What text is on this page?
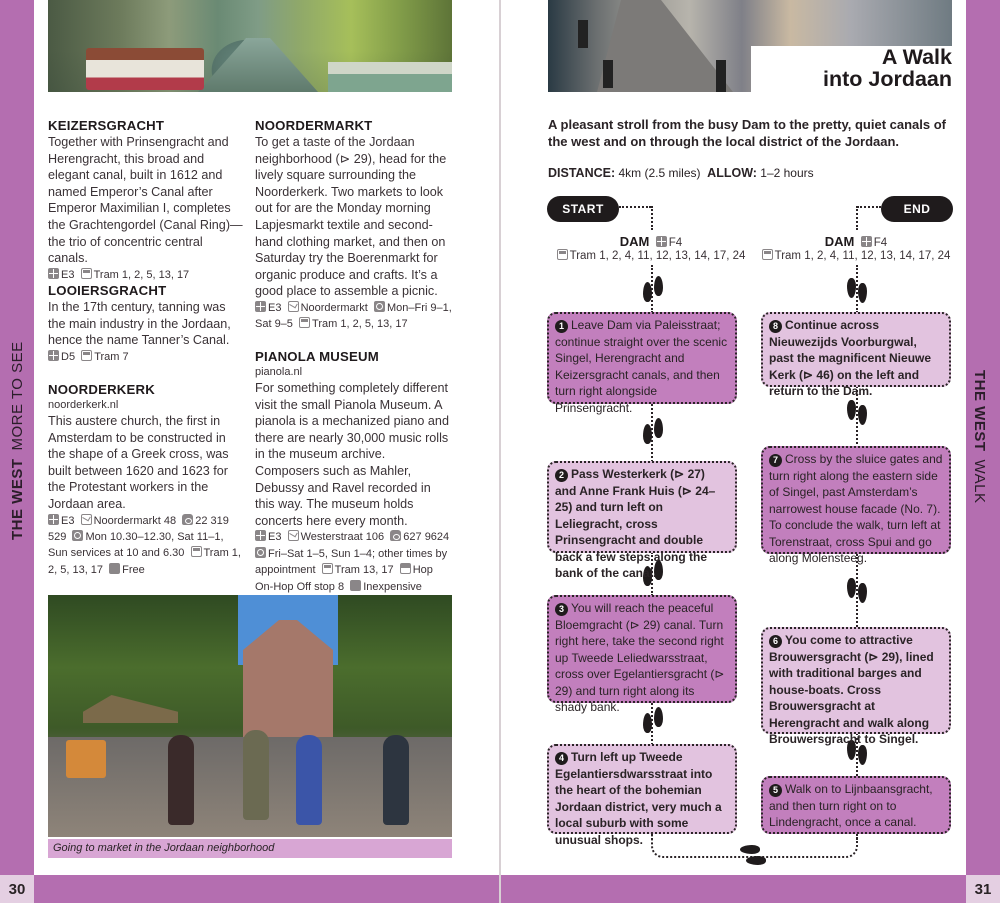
THE WESTMORE TO SEE
KEIZERSGRACHT

Together with Prinsengracht and Herengracht, this broad and elegant canal, built in 1612 and named Emperor’s Canal after Emperor Maximilian I, completes the Grachtengordel (Canal Ring)—the trio of concentric central canals.

E3 Tram 1, 2, 5, 13, 17
LOOIERSGRACHT

In the 17th century, tanning was the main industry in the Jordaan, hence the name Tanner’s Canal.

D5 Tram 7
NOORDERKERK
noorderkerk.nl

This austere church, the first in Amsterdam to be constructed in the shape of a Greek cross, was built between 1620 and 1623 for the Protestant workers in the Jordaan area.

E3 Noordermarkt 48 22 319 529 Mon 10.30–12.30, Sat 11–1, Sun services at 10 and 6.30 Tram 1, 2, 5, 13, 17 Free
NOORDERMARKT

To get a taste of the Jordaan neighborhood (⊳ 29), head for the lively square surrounding the Noorderkerk. Two markets to look out for are the Monday morning Lapjesmarkt textile and second-hand clothing market, and then on Saturday try the Boerenmarkt for organic produce and crafts. It’s a good place to assemble a picnic.

E3 Noordermarkt Mon–Fri 9–1, Sat 9–5 Tram 1, 2, 5, 13, 17
PIANOLA MUSEUM
pianola.nl

For something completely different visit the small Pianola Museum. A pianola is a mechanized piano and there are nearly 30,000 music rolls in the museum archive. Composers such as Mahler, Debussy and Ravel recorded in this way. The museum holds concerts here every month.

E3 Westerstraat 106 627 9624  Fri–Sat 1–5, Sun 1–4; other times by appointment Tram 13, 17 Hop On-Hop Off stop 8 Inexpensive
Going to market in the Jordaan neighborhood
30
THE WESTWALK
A Walk
into Jordaan

A pleasant stroll from the busy Dam to the pretty, quiet canals of the west and on through the local district of the Jordaan.

DISTANCE: 4km (2.5 miles) ALLOW: 1–2 hours
START	END
DAM F4
Tram 1, 2, 4, 11, 12, 13, 14, 17, 24
DAM F4
Tram 1, 2, 4, 11, 12, 13, 14, 17, 24
1 Leave Dam via Paleisstraat; continue straight over the scenic Singel, Herengracht and Keizersgracht canals, and then turn right alongside Prinsengracht.
2 Pass Westerkerk (⊳ 27) and Anne Frank Huis (⊳ 24–25) and turn left on Leliegracht, cross Prinsengracht and double back a few steps along the bank of the canal.
3 You will reach the peaceful Bloemgracht (⊳ 29) canal. Turn right here, take the second right up Tweede Leliedwarsstraat, cross over Egelantiersgracht (⊳ 29) and turn right along its shady bank.
4 Turn left up Tweede Egelantiersdwarsstraat into the heart of the bohemian Jordaan district, very much a local suburb with some unusual shops.
8 Continue across Nieuwezijds Voorburgwal, past the magnificent Nieuwe Kerk (⊳ 46) on the left and return to the Dam.
7 Cross by the sluice gates and turn right along the eastern side of Singel, past Amsterdam’s narrowest house facade (No. 7). To conclude the walk, turn left at Torenstraat, cross Spui and go along Molensteeg.
6 You come to attractive Brouwersgracht (⊳ 29), lined with traditional barges and house-boats. Cross Brouwersgracht at Herengracht and walk along Brouwersgracht to Singel.
5 Walk on to Lijnbaansgracht, and then turn right on to Lindengracht, once a canal.
31
